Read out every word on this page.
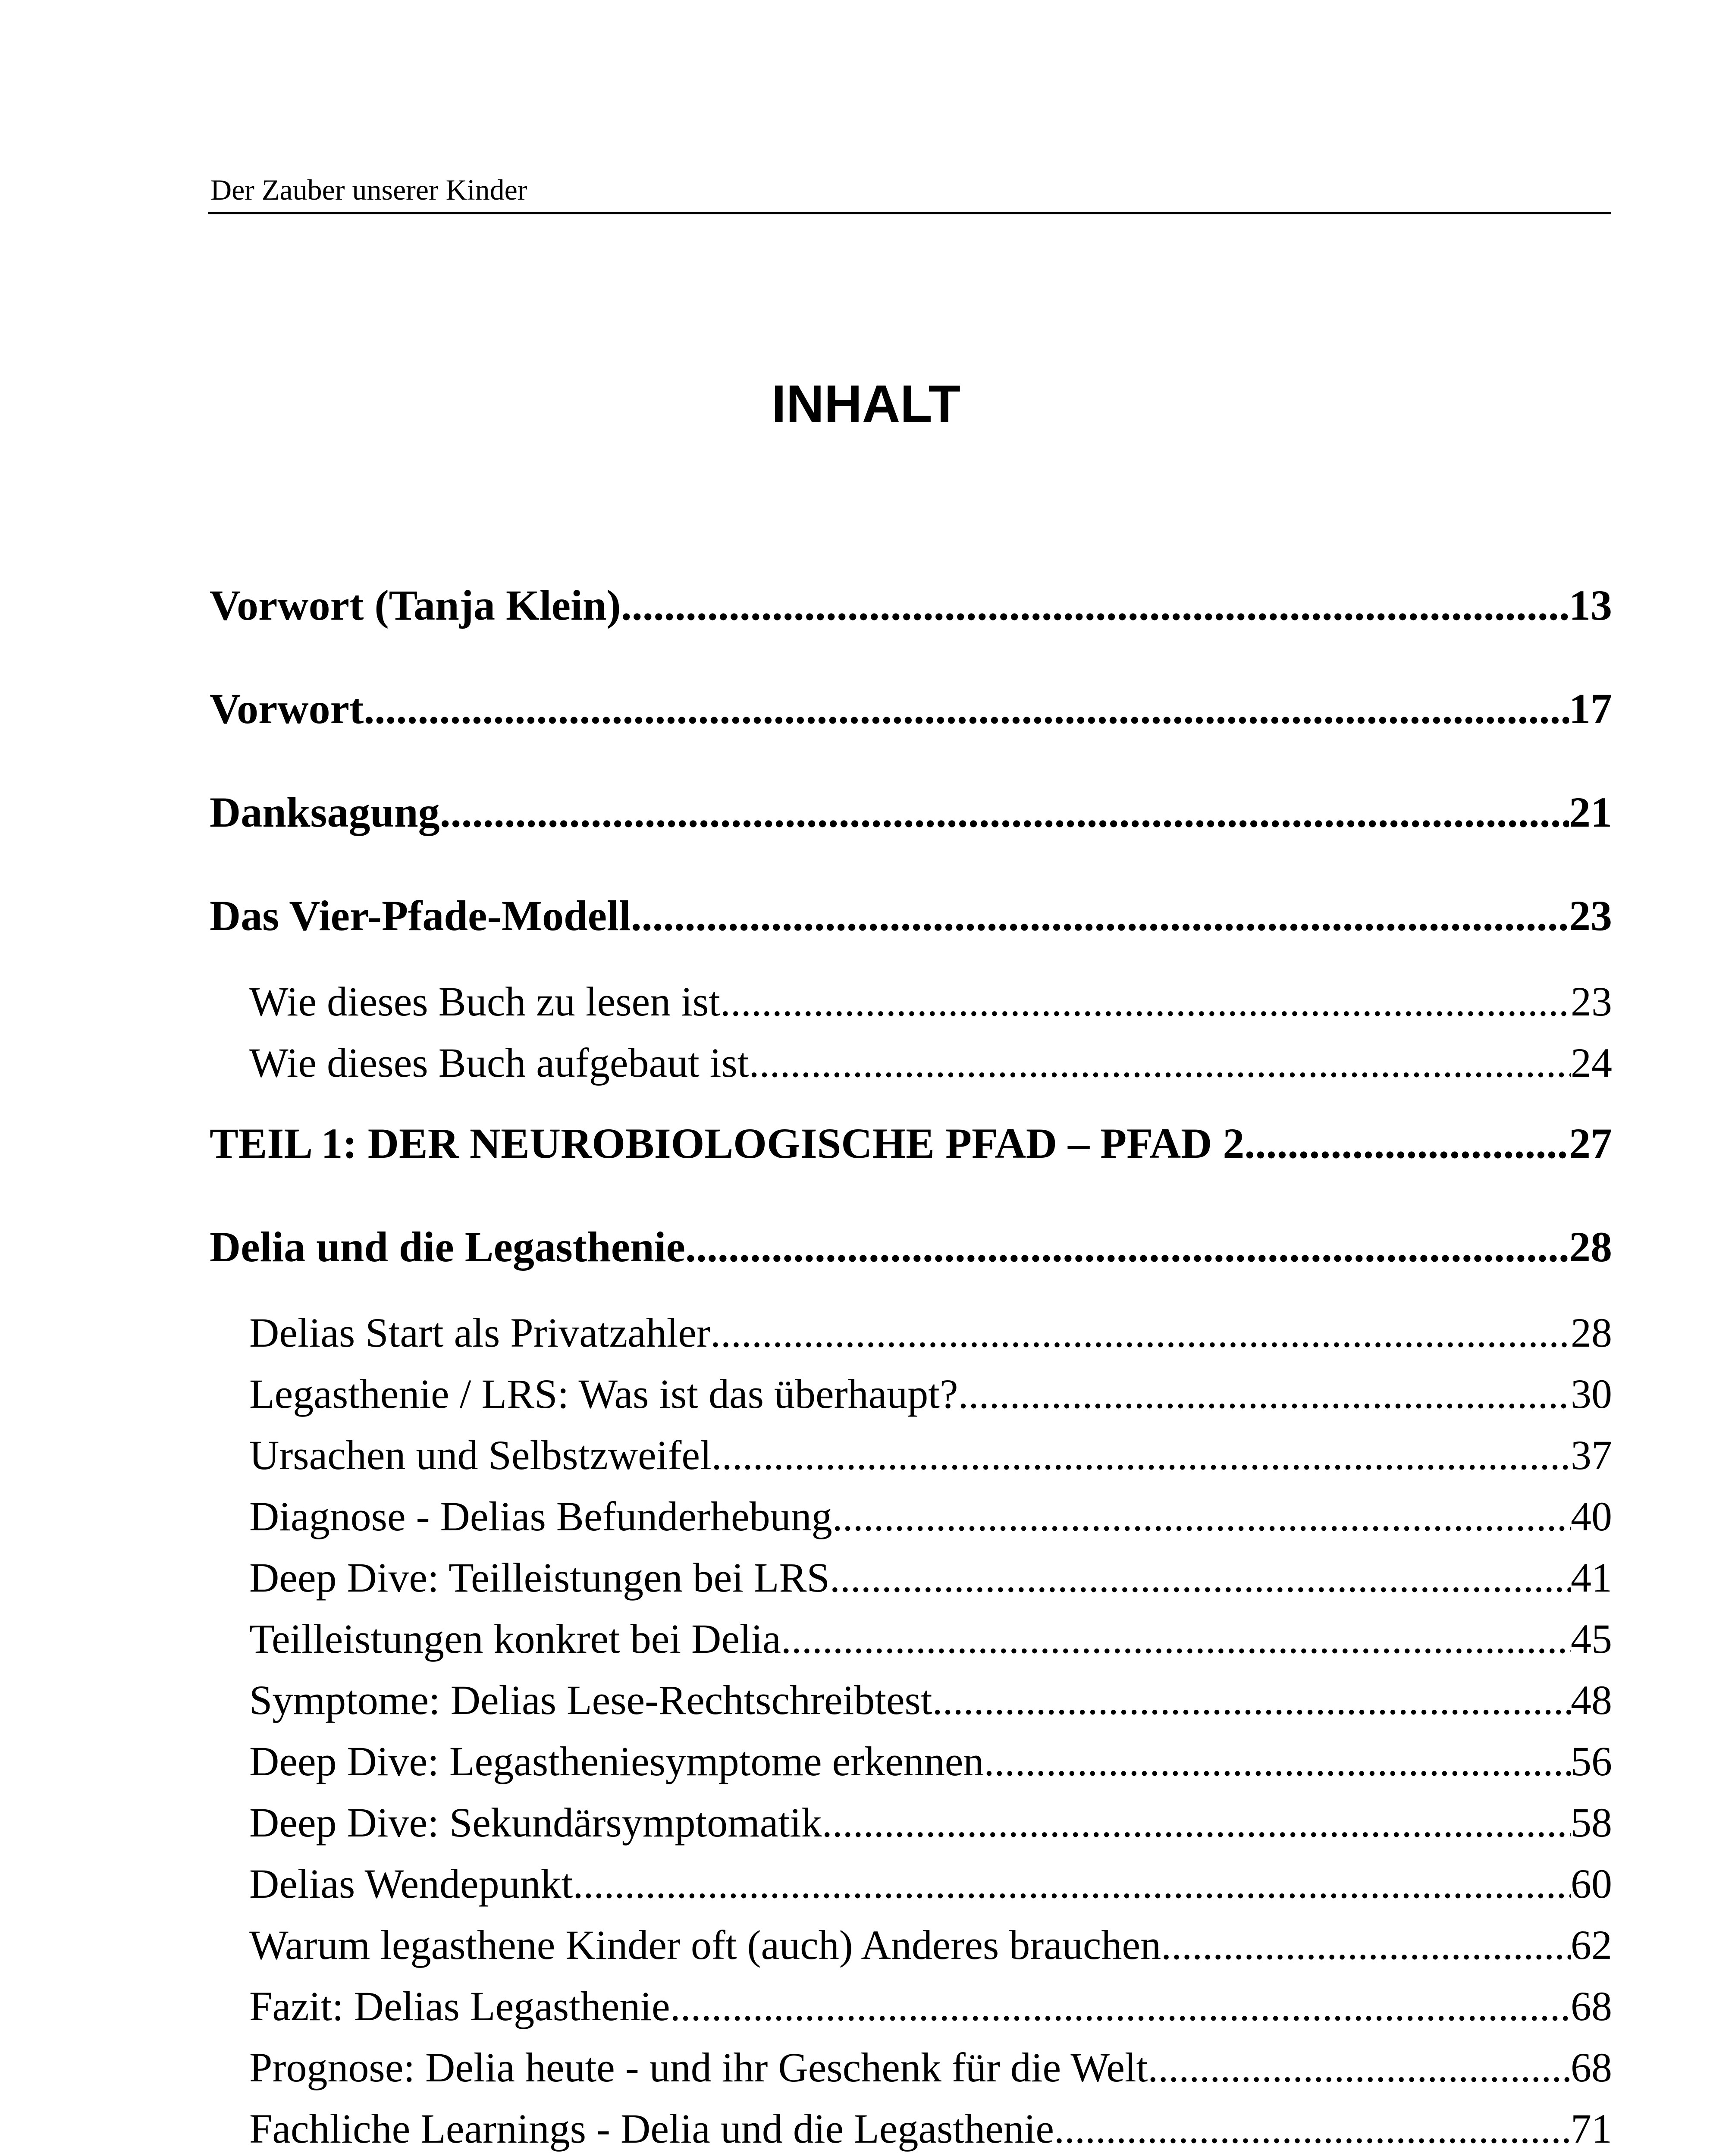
Der Zauber unserer Kinder
INHALT
Vorwort (Tanja Klein) .....	13
Vorwort .....	17
Danksagung .....	21
Das Vier-Pfade-Modell .....	23
Wie dieses Buch zu lesen ist .....	23
Wie dieses Buch aufgebaut ist .....	24
TEIL 1: DER NEUROBIOLOGISCHE PFAD – PFAD 2 .....	27
Delia und die Legasthenie .....	28
Delias Start als Privatzahler .....	28
Legasthenie / LRS: Was ist das überhaupt? .....	30
Ursachen und Selbstzweifel .....	37
Diagnose - Delias Befunderhebung .....	40
Deep Dive: Teilleistungen bei LRS .....	41
Teilleistungen konkret bei Delia .....	45
Symptome: Delias Lese-Rechtschreibtest .....	48
Deep Dive: Legastheniesymptome erkennen .....	56
Deep Dive: Sekundärsymptomatik .....	58
Delias Wendepunkt .....	60
Warum legasthene Kinder oft (auch) Anderes brauchen .....	62
Fazit: Delias Legasthenie .....	68
Prognose: Delia heute - und ihr Geschenk für die Welt .....	68
Fachliche Learnings - Delia und die Legasthenie .....	71
